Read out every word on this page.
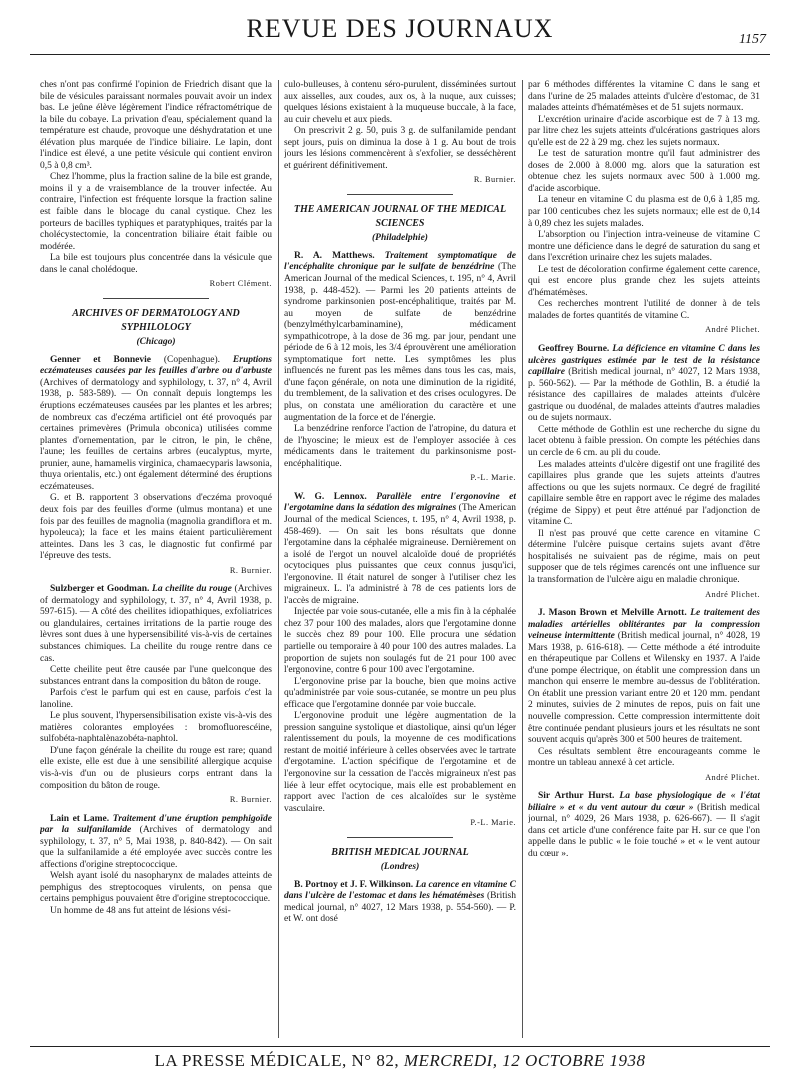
REVUE DES JOURNAUX	1157

ches n'ont pas confirmé l'opinion de Friedrich disant que la bile de vésicules paraissant normales pouvait avoir un index bas. Le jeûne élève légèrement l'indice réfractométrique de la bile du cobaye. La privation d'eau, spécialement quand la température est chaude, provoque une déshydratation et une élévation plus marquée de l'indice biliaire. Le lapin, dont l'indice est élevé, a une petite vésicule qui contient environ 0,5 à 0,8 cm³.

Chez l'homme, plus la fraction saline de la bile est grande, moins il y a de vraisemblance de la trouver infectée. Au contraire, l'infection est fréquente lorsque la fraction saline est faible dans le blocage du canal cystique. Chez les porteurs de bacilles typhiques et paratyphiques, traités par la cholécystectomie, la concentration biliaire était faible ou modérée.

La bile est toujours plus concentrée dans la vésicule que dans le canal cholédoque.

Robert Clément.
ARCHIVES OF DERMATOLOGY AND SYPHILOLOGY
(Chicago)

Genner et Bonnevie (Copenhague). Eruptions eczémateuses causées par les feuilles d'arbre ou d'arbuste (Archives of dermatology and syphilology, t. 37, n° 4, Avril 1938, p. 583-589). — On connaît depuis longtemps les éruptions eczémateuses causées par les plantes et les arbres; de nombreux cas d'eczéma artificiel ont été provoqués par certaines primevères (Primula obconica) utilisées comme plantes d'ornementation, par le citron, le pin, le chêne, l'aune; les feuilles de certains arbres (eucalyptus, myrte, prunier, aune, hamamelis virginica, chamaecyparis lawsonia, thuya orientalis, etc.) ont également déterminé des éruptions eczémateuses.

G. et B. rapportent 3 observations d'eczéma provoqué deux fois par des feuilles d'orme (ulmus montana) et une fois par des feuilles de magnolia (magnolia grandiflora et m. hypoleuca); la face et les mains étaient particulièrement atteintes. Dans les 3 cas, le diagnostic fut confirmé par l'épreuve des tests.

R. Burnier.

Sulzberger et Goodman. La cheilite du rouge (Archives of dermatology and syphilology, t. 37, n° 4, Avril 1938, p. 597-615). — A côté des cheilites idiopathiques, exfoliatrices ou glandulaires, certaines irritations de la partie rouge des lèvres sont dues à une hypersensibilité vis-à-vis de certaines substances chimiques. La cheilite du rouge rentre dans ce cas.

Cette cheilite peut être causée par l'une quelconque des substances entrant dans la composition du bâton de rouge.

Parfois c'est le parfum qui est en cause, parfois c'est la lanoline.

Le plus souvent, l'hypersensibilisation existe vis-à-vis des matières colorantes employées : bromofluorescéine, sulfobéta-naphtalènazobéta-naphtol.

D'une façon générale la cheilite du rouge est rare; quand elle existe, elle est due à une sensibilité allergique acquise vis-à-vis d'un ou de plusieurs corps entrant dans la composition du bâton de rouge.

R. Burnier.

Lain et Lame. Traitement d'une éruption pemphigoïde par la sulfanilamide (Archives of dermatology and syphilology, t. 37, n° 5, Mai 1938, p. 840-842). — On sait que la sulfanilamide a été employée avec succès contre les affections d'origine streptococcique.

Welsh ayant isolé du nasopharynx de malades atteints de pemphigus des streptocoques virulents, on pensa que certains pemphigus pouvaient être d'origine streptococcique.

Un homme de 48 ans fut atteint de lésions vési-

culo-bulleuses, à contenu séro-purulent, disséminées surtout aux aisselles, aux coudes, aux os, à la nuque, aux cuisses; quelques lésions existaient à la muqueuse buccale, à la face, au cuir chevelu et aux pieds.

On prescrivit 2 g. 50, puis 3 g. de sulfanilamide pendant sept jours, puis on diminua la dose à 1 g. Au bout de trois jours les lésions commencèrent à s'exfolier, se desséchèrent et guérirent définitivement.

R. Burnier.
THE AMERICAN JOURNAL OF THE MEDICAL SCIENCES
(Philadelphie)

R. A. Matthews. Traitement symptomatique de l'encéphalite chronique par le sulfate de benzédrine (The American Journal of the medical Sciences, t. 195, n° 4, Avril 1938, p. 448-452). — Parmi les 20 patients atteints de syndrome parkinsonien post-encéphalitique, traités par M. au moyen de sulfate de benzédrine (benzylméthylcarbaminamine), médicament sympathicotrope, à la dose de 36 mg. par jour, pendant une période de 6 à 12 mois, les 3/4 éprouvèrent une amélioration symptomatique fort nette. Les symptômes les plus influencés ne furent pas les mêmes dans tous les cas, mais, d'une façon générale, on nota une diminution de la rigidité, du tremblement, de la salivation et des crises oculogyres. De plus, on constata une amélioration du caractère et une augmentation de la force et de l'énergie.

La benzédrine renforce l'action de l'atropine, du datura et de l'hyoscine; le mieux est de l'employer associée à ces médicaments dans le traitement du parkinsonisme post-encéphalitique.

P.-L. Marie.

W. G. Lennox. Parallèle entre l'ergonovine et l'ergotamine dans la sédation des migraines (The American Journal of the medical Sciences, t. 195, n° 4, Avril 1938, p. 458-469). — On sait les bons résultats que donne l'ergotamine dans la céphalée migraineuse. Dernièrement on a isolé de l'ergot un nouvel alcaloïde doué de propriétés ocytociques plus puissantes que ceux connus jusqu'ici, l'ergonovine. Il était naturel de songer à l'utiliser chez les migraineux. L. l'a administré à 78 de ces patients lors de l'accès de migraine.

Injectée par voie sous-cutanée, elle a mis fin à la céphalée chez 37 pour 100 des malades, alors que l'ergotamine donne le succès chez 89 pour 100. Elle procura une sédation partielle ou temporaire à 40 pour 100 des autres malades. La proportion de sujets non soulagés fut de 21 pour 100 avec l'ergonovine, contre 6 pour 100 avec l'ergotamine.

L'ergonovine prise par la bouche, bien que moins active qu'administrée par voie sous-cutanée, se montre un peu plus efficace que l'ergotamine donnée par voie buccale.

L'ergonovine produit une légère augmentation de la pression sanguine systolique et diastolique, ainsi qu'un léger ralentissement du pouls, la moyenne de ces modifications restant de moitié inférieure à celles observées avec le tartrate d'ergotamine. L'action spécifique de l'ergotamine et de l'ergonovine sur la cessation de l'accès migraineux n'est pas liée à leur effet ocytocique, mais elle est probablement en rapport avec l'action de ces alcaloïdes sur le système vasculaire.

P.-L. Marie.
BRITISH MEDICAL JOURNAL
(Londres)

B. Portnoy et J. F. Wilkinson. La carence en vitamine C dans l'ulcère de l'estomac et dans les hématémèses (British medical journal, n° 4027, 12 Mars 1938, p. 554-560). — P. et W. ont dosé

par 6 méthodes différentes la vitamine C dans le sang et dans l'urine de 25 malades atteints d'ulcère d'estomac, de 31 malades atteints d'hématémèses et de 51 sujets normaux.

L'excrétion urinaire d'acide ascorbique est de 7 à 13 mg. par litre chez les sujets atteints d'ulcérations gastriques alors qu'elle est de 22 à 29 mg. chez les sujets normaux.

Le test de saturation montre qu'il faut administrer des doses de 2.000 à 8.000 mg. alors que la saturation est obtenue chez les sujets normaux avec 500 à 1.000 mg. d'acide ascorbique.

La teneur en vitamine C du plasma est de 0,6 à 1,85 mg. par 100 centicubes chez les sujets normaux; elle est de 0,14 à 0,89 chez les sujets malades.

L'absorption ou l'injection intra-veineuse de vitamine C montre une déficience dans le degré de saturation du sang et dans l'excrétion urinaire chez les sujets malades.

Le test de décoloration confirme également cette carence, qui est encore plus grande chez les sujets atteints d'hématémèses.

Ces recherches montrent l'utilité de donner à de tels malades de fortes quantités de vitamine C.

André Plichet.

Geoffrey Bourne. La déficience en vitamine C dans les ulcères gastriques estimée par le test de la résistance capillaire (British medical journal, n° 4027, 12 Mars 1938, p. 560-562). — Par la méthode de Gothlin, B. a étudié la résistance des capillaires de malades atteints d'ulcère gastrique ou duodénal, de malades atteints d'autres maladies ou de sujets normaux.

Cette méthode de Gothlin est une recherche du signe du lacet obtenu à faible pression. On compte les pétéchies dans un cercle de 6 cm. au pli du coude.

Les malades atteints d'ulcère digestif ont une fragilité des capillaires plus grande que les sujets atteints d'autres affections ou que les sujets normaux. Ce degré de fragilité capillaire semble être en rapport avec le régime des malades (régime de Sippy) et peut être atténué par l'adjonction de vitamine C.

Il n'est pas prouvé que cette carence en vitamine C détermine l'ulcère puisque certains sujets avant d'être hospitalisés ne suivaient pas de régime, mais on peut supposer que de tels régimes carencés ont une influence sur la transformation de l'ulcère aigu en maladie chronique.

André Plichet.

J. Mason Brown et Melville Arnott. Le traitement des maladies artérielles oblitérantes par la compression veineuse intermittente (British medical journal, n° 4028, 19 Mars 1938, p. 616-618). — Cette méthode a été introduite en thérapeutique par Collens et Wilensky en 1937. A l'aide d'une pompe électrique, on établit une compression dans un manchon qui enserre le membre au-dessus de l'oblitération. On établit une pression variant entre 20 et 120 mm. pendant 2 minutes, suivies de 2 minutes de repos, puis on fait une nouvelle compression. Cette compression intermittente doit être continuée pendant plusieurs jours et les résultats ne sont souvent acquis qu'après 300 et 500 heures de traitement.

Ces résultats semblent être encourageants comme le montre un tableau annexé à cet article.

André Plichet.

Sir Arthur Hurst. La base physiologique de « l'état biliaire » et « du vent autour du cœur » (British medical journal, n° 4029, 26 Mars 1938, p. 626-667). — Il s'agit dans cet article d'une conférence faite par H. sur ce que l'on appelle dans le public « le foie touché » et « le vent autour du cœur ».

LA PRESSE MÉDICALE, N° 82, MERCREDI, 12 OCTOBRE 1938
